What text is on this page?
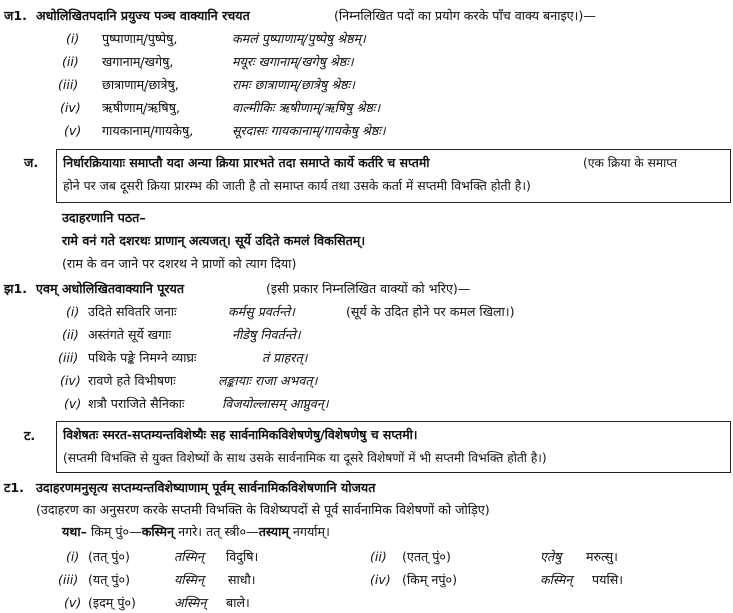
ज1. अधोलिखितपदानि प्रयुज्य पञ्च वाक्यानि रचयत	(निम्नलिखित पदों का प्रयोग करके पाँच वाक्य बनाइए।)—
(i) पुष्पाणाम्/पुष्पेषु,	कमलं पुष्पाणाम्/पुष्पेषु श्रेष्ठम्।
(ii) खगानाम्/खगेषु,	मयूरः खगानाम्/खगेषु श्रेष्ठः।
(iii) छात्राणाम्/छात्रेषु,	रामः छात्राणाम्/छात्रेषु श्रेष्ठः।
(iv) ऋषीणाम्/ऋषिषु,	वाल्मीकिः ऋषीणाम्/ऋषिषु श्रेष्ठः।
(v) गायकानाम्/गायकेषु,	सूरदासः गायकानाम्/गायकेषु श्रेष्ठः।
ज. निर्धारक्रियायाः समाप्तौ यदा अन्या क्रिया प्रारभते तदा समाप्ते कार्ये कर्तरि च सप्तमी	(एक क्रिया के समाप्त
होने पर जब दूसरी क्रिया प्रारम्भ की जाती है तो समाप्त कार्य तथा उसके कर्ता में सप्तमी विभक्ति होती है।)
उदाहरणानि पठत–
रामे वनं गते दशरथः प्राणान् अत्यजत्। सूर्ये उदिते कमलं विकसितम्।
(राम के वन जाने पर दशरथ ने प्राणों को त्याग दिया)
झ1. एवम् अधोलिखितवाक्यानि पूरयत	(इसी प्रकार निम्नलिखित वाक्यों को भरिए)—
(i) उदिते सवितरि जनाः	कर्मसु प्रवर्तन्ते।	(सूर्य के उदित होने पर कमल खिला।)
(ii) अस्तंगते सूर्ये खगाः	नीडेषु निवर्तन्ते।
(iii) पथिके पङ्के निमग्ने व्याघ्रः	तं प्राहरत्।
(iv) रावणे हते विभीषणः	लङ्कायाः राजा अभवत्।
(v) शत्रौ पराजिते सैनिकाः	विजयोल्लासम् आप्नुवन्।
ट. विशेषतः स्मरत-सप्तम्यन्तविशेष्यैः सह सार्वनामिकविशेषणेषु/विशेषणेषु च सप्तमी।
(सप्तमी विभक्ति से युक्त विशेष्यों के साथ उसके सार्वनामिक या दूसरे विशेषणों में भी सप्तमी विभक्ति होती है।)
ट1. उदाहरणमनुसृत्य सप्तम्यन्तविशेष्याणाम् पूर्वम् सार्वनामिकविशेषणानि योजयत
(उदाहरण का अनुसरण करके सप्तमी विभक्ति के विशेष्यपदों से पूर्व सार्वनामिक विशेषणों को जोड़िए)
यथा– किम् पुं०—कस्मिन् नगरे। तत् स्त्री०—तस्याम् नगर्याम्।
(i) (तत् पुं०)	तस्मिन् विदुषि।	(ii) (एतत् पुं०)	एतेषु मरुत्सु।
(iii) (यत् पुं०)	यस्मिन् साधौ।	(iv) (किम् नपुं०)	कस्मिन् पयसि।
(v) (इदम् पुं०)	अस्मिन् बाले।
